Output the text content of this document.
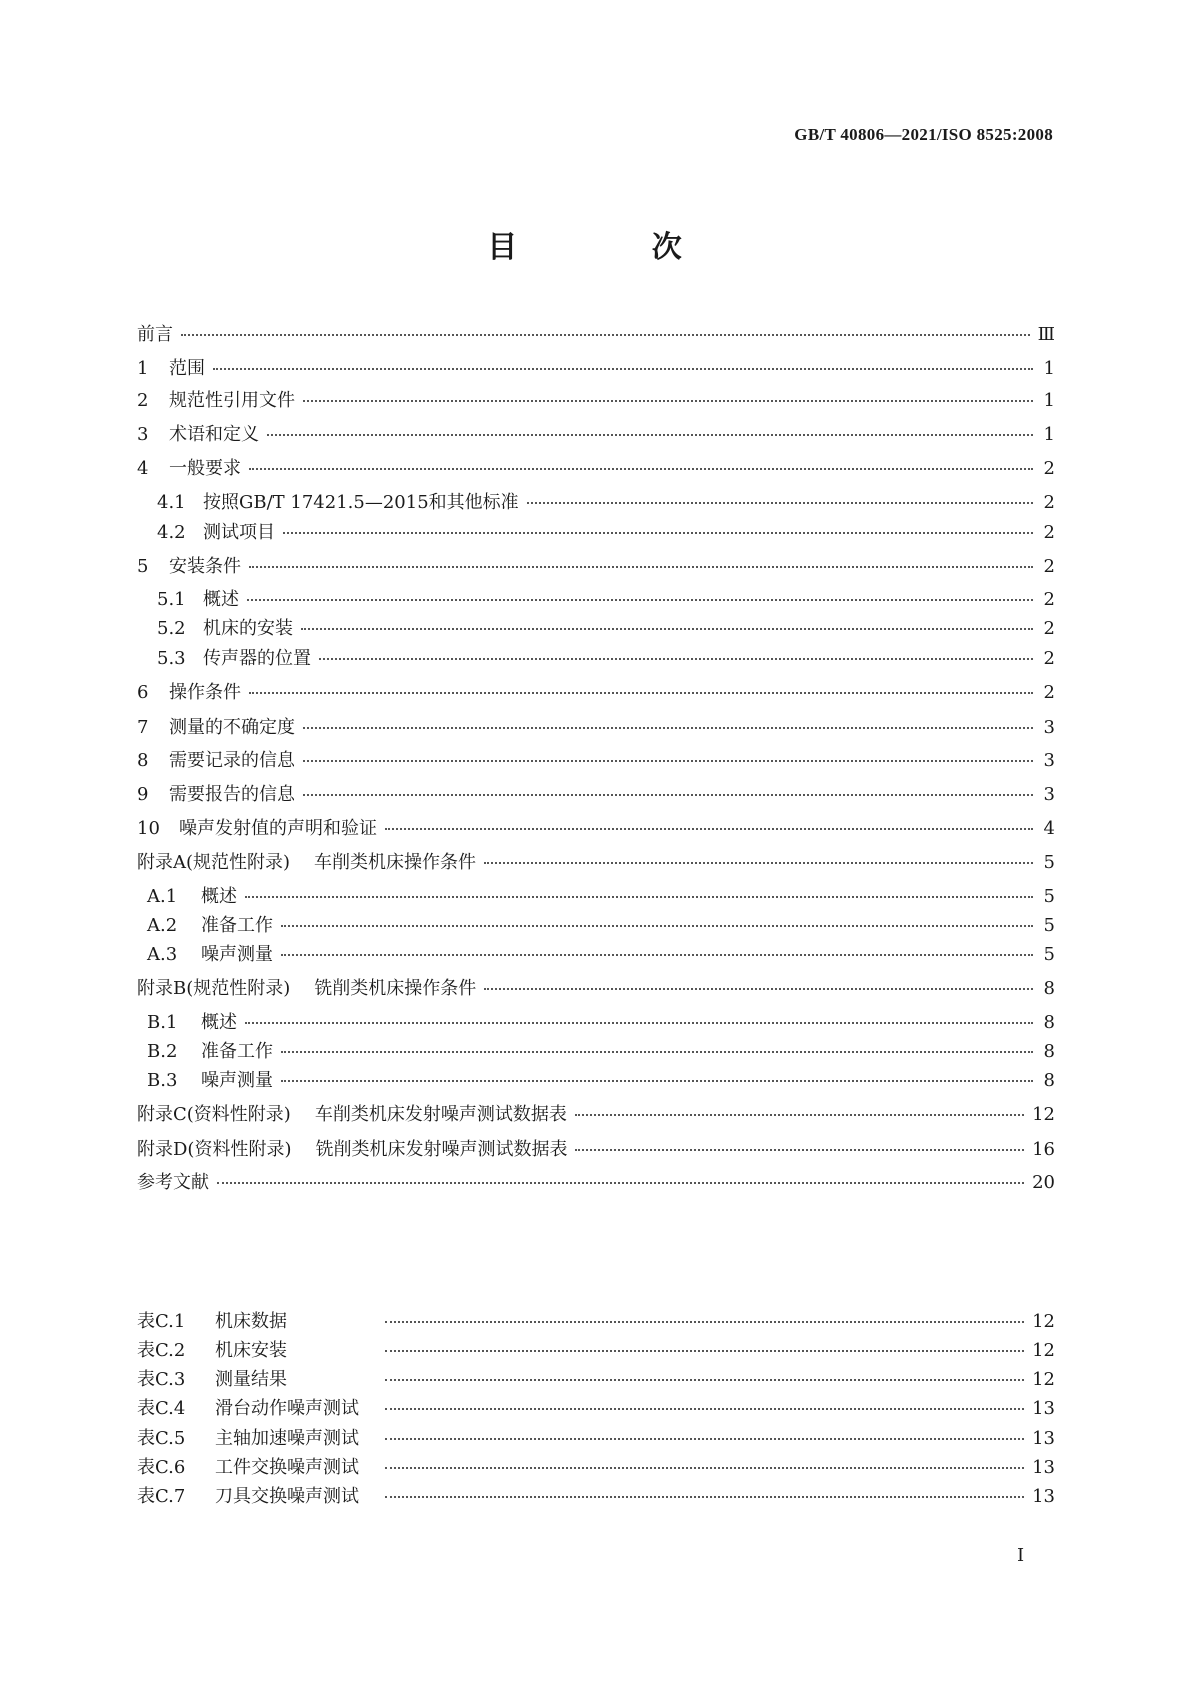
GB/T 40806—2021/ISO 8525:2008
目 次
前言	Ⅲ
1	范围	1
2	规范性引用文件	1
3	术语和定义	1
4	一般要求	2
4.1 按照GB/T 17421.5—2015和其他标准	2
4.2 测试项目	2
5	安装条件	2
5.1 概述	2
5.2 机床的安装	2
5.3 传声器的位置	2
6	操作条件	2
7	测量的不确定度	3
8	需要记录的信息	3
9	需要报告的信息	3
10	噪声发射值的声明和验证	4
附录A(规范性附录) 车削类机床操作条件	5
A.1	概述	5
A.2	准备工作	5
A.3	噪声测量	5
附录B(规范性附录) 铣削类机床操作条件	8
B.1	概述	8
B.2	准备工作	8
B.3	噪声测量	8
附录C(资料性附录) 车削类机床发射噪声测试数据表	12
附录D(资料性附录) 铣削类机床发射噪声测试数据表	16
参考文献	20
表C.1	机床数据	12
表C.2	机床安装	12
表C.3	测量结果	12
表C.4	滑台动作噪声测试	13
表C.5	主轴加速噪声测试	13
表C.6	工件交换噪声测试	13
表C.7	刀具交换噪声测试	13
I
